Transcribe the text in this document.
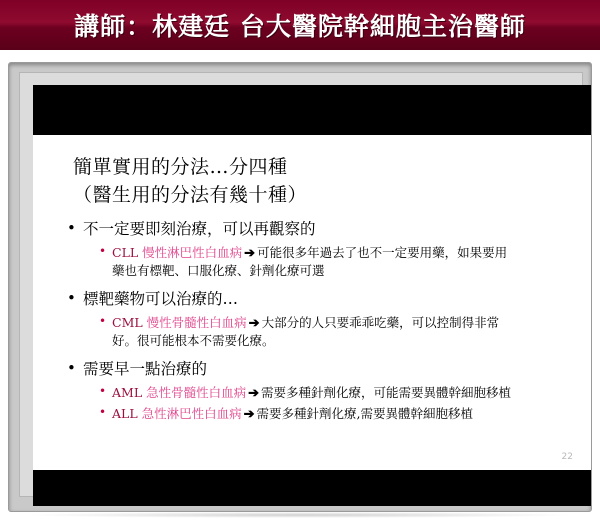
講師：林建廷 台大醫院幹細胞主治醫師
簡單實用的分法…分四種
（醫生用的分法有幾十種）
• 不一定要即刻治療，可以再觀察的
• CLL 慢性淋巴性白血病 ➔ 可能很多年過去了也不一定要用藥，如果要用
藥也有標靶、口服化療、針劑化療可選
• 標靶藥物可以治療的…
• CML 慢性骨髓性白血病 ➔ 大部分的人只要乖乖吃藥，可以控制得非常
好。很可能根本不需要化療。
• 需要早一點治療的
• AML 急性骨髓性白血病 ➔ 需要多種針劑化療，可能需要異體幹細胞移植
• ALL 急性淋巴性白血病 ➔ 需要多種針劑化療,需要異體幹細胞移植
22
